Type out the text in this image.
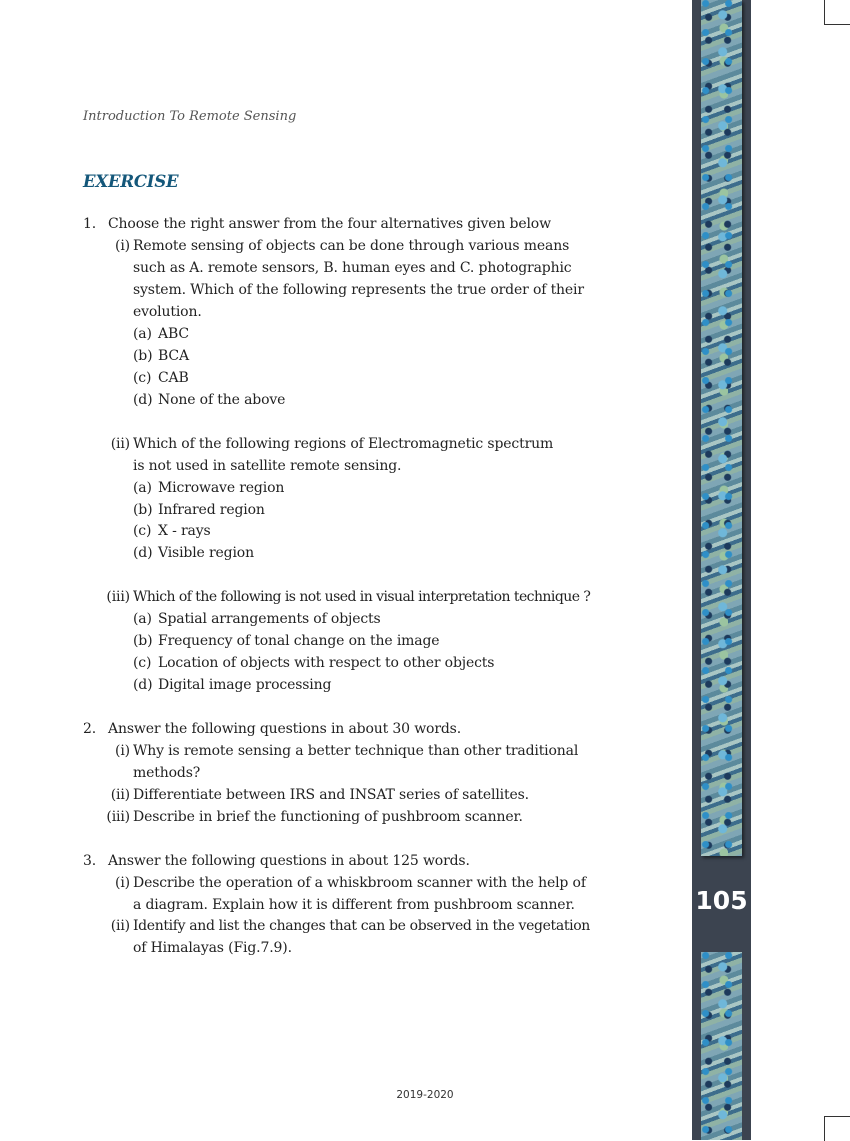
Introduction To Remote Sensing
EXERCISE
1. Choose the right answer from the four alternatives given below
(i) Remote sensing of objects can be done through various means
such as A. remote sensors, B. human eyes and C. photographic
system. Which of the following represents the true order of their
evolution.
(a) ABC
(b) BCA
(c) CAB
(d) None of the above
(ii) Which of the following regions of Electromagnetic spectrum
is not used in satellite remote sensing.
(a) Microwave region
(b) Infrared region
(c) X - rays
(d) Visible region
(iii) Which of the following is not used in visual interpretation technique ?
(a) Spatial arrangements of objects
(b) Frequency of tonal change on the image
(c) Location of objects with respect to other objects
(d) Digital image processing
2. Answer the following questions in about 30 words.
(i) Why is remote sensing a better technique than other traditional
methods?
(ii) Differentiate between IRS and INSAT series of satellites.
(iii) Describe in brief the functioning of pushbroom scanner.
3. Answer the following questions in about 125 words.
(i) Describe the operation of a whiskbroom scanner with the help of
a diagram. Explain how it is different from pushbroom scanner.
(ii) Identify and list the changes that can be observed in the vegetation
of Himalayas (Fig.7.9).
2019-2020
105
